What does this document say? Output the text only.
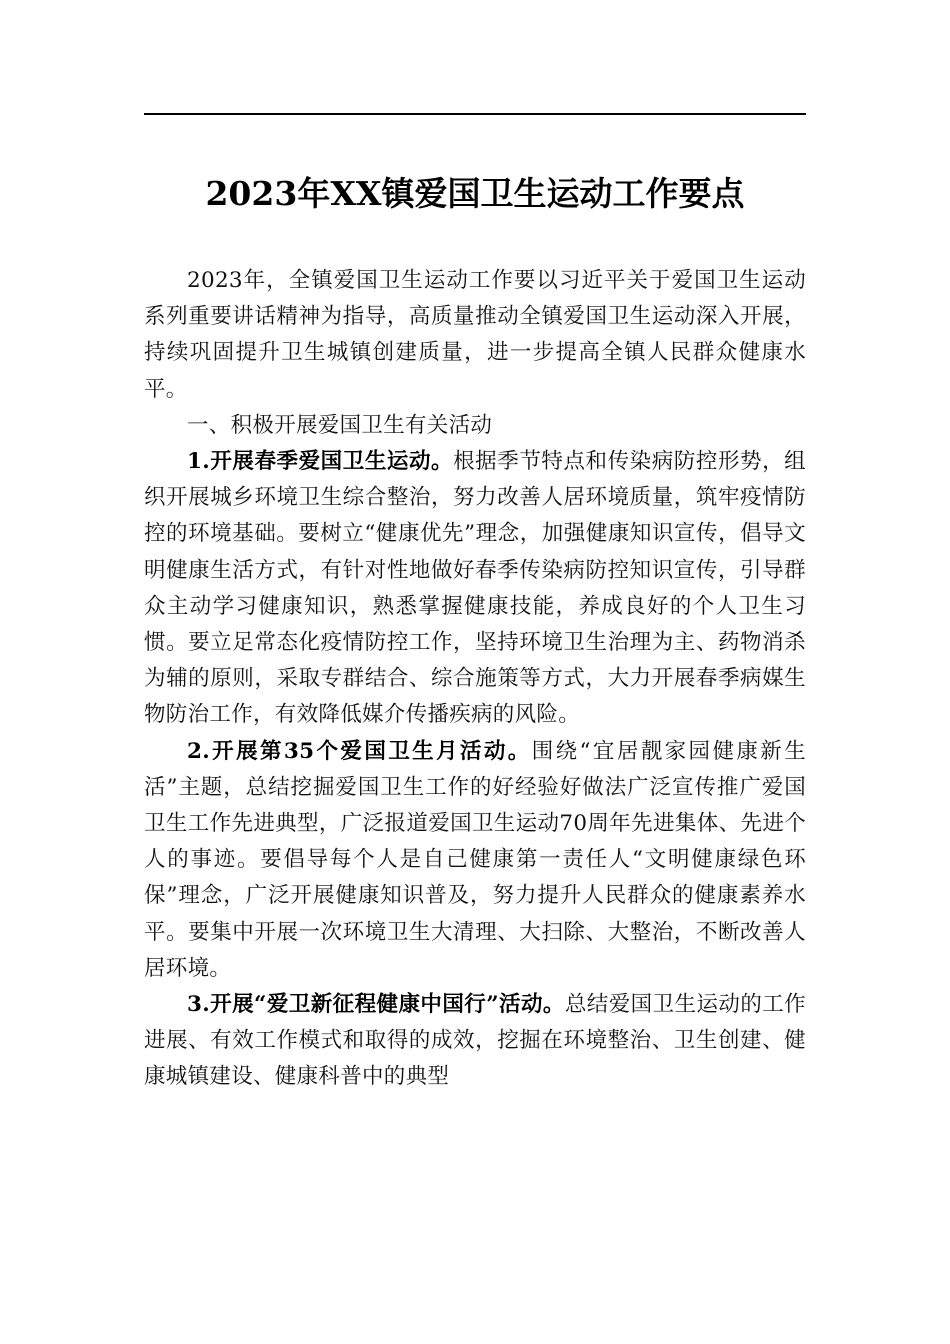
2023年XX镇爱国卫生运动工作要点

2023年，全镇爱国卫生运动工作要以习近平关于爱国卫生运动系列重要讲话精神为指导，高质量推动全镇爱国卫生运动深入开展，持续巩固提升卫生城镇创建质量，进一步提高全镇人民群众健康水平。

一、积极开展爱国卫生有关活动

1.开展春季爱国卫生运动。根据季节特点和传染病防控形势，组织开展城乡环境卫生综合整治，努力改善人居环境质量，筑牢疫情防控的环境基础。要树立“健康优先”理念，加强健康知识宣传，倡导文明健康生活方式，有针对性地做好春季传染病防控知识宣传，引导群众主动学习健康知识，熟悉掌握健康技能，养成良好的个人卫生习惯。要立足常态化疫情防控工作，坚持环境卫生治理为主、药物消杀为辅的原则，采取专群结合、综合施策等方式，大力开展春季病媒生物防治工作，有效降低媒介传播疾病的风险。

2.开展第35个爱国卫生月活动。围绕“宜居靓家园健康新生活”主题，总结挖掘爱国卫生工作的好经验好做法广泛宣传推广爱国卫生工作先进典型，广泛报道爱国卫生运动70周年先进集体、先进个人的事迹。要倡导每个人是自己健康第一责任人“文明健康绿色环保”理念，广泛开展健康知识普及，努力提升人民群众的健康素养水平。要集中开展一次环境卫生大清理、大扫除、大整治，不断改善人居环境。

3.开展“爱卫新征程健康中国行”活动。总结爱国卫生运动的工作进展、有效工作模式和取得的成效，挖掘在环境整治、卫生创建、健康城镇建设、健康科普中的典型
